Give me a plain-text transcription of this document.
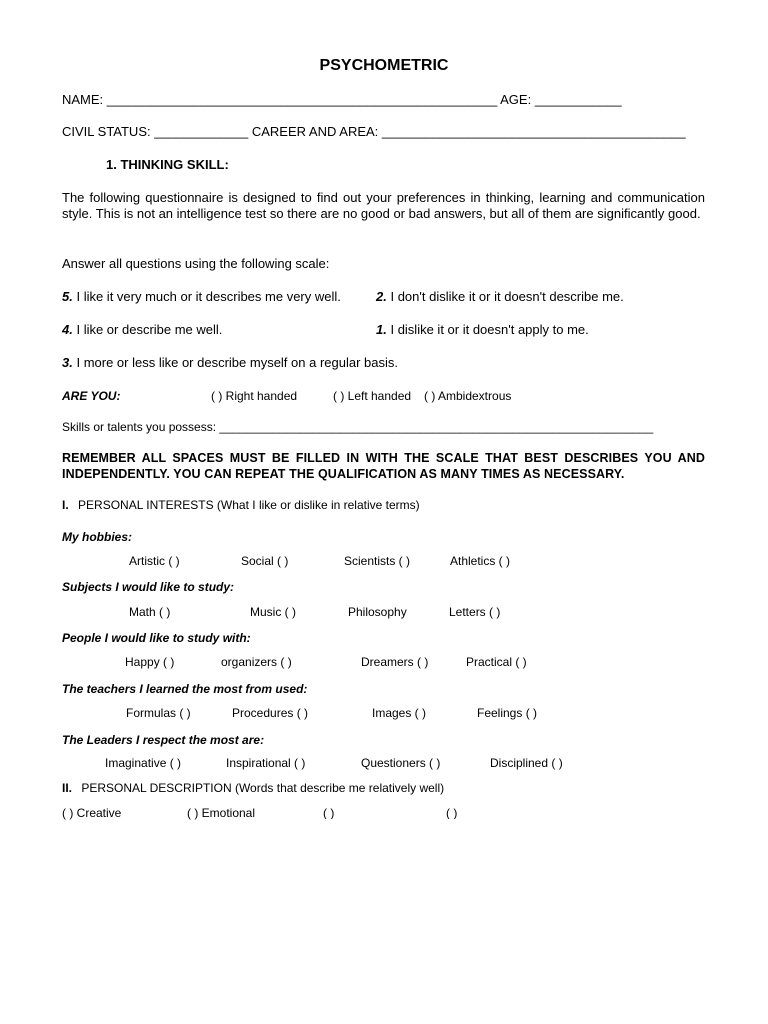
PSYCHOMETRIC
NAME: ______________________________________________________ AGE: ____________
CIVIL STATUS: _____________ CAREER AND AREA: __________________________________________
1. THINKING SKILL:
The following questionnaire is designed to find out your preferences in thinking, learning and communication style. This is not an intelligence test so there are no good or bad answers, but all of them are significantly good.
Answer all questions using the following scale:
5. I like it very much or it describes me very well.	2. I don't dislike it or it doesn't describe me.
4. I like or describe me well.	1. I dislike it or it doesn't apply to me.
3. I more or less like or describe myself on a regular basis.
ARE YOU:	( ) Right handed	( ) Left handed ( ) Ambidextrous
Skills or talents you possess: _________________________________________________________________
REMEMBER ALL SPACES MUST BE FILLED IN WITH THE SCALE THAT BEST DESCRIBES YOU AND INDEPENDENTLY. YOU CAN REPEAT THE QUALIFICATION AS MANY TIMES AS NECESSARY.
I. PERSONAL INTERESTS (What I like or dislike in relative terms)
My hobbies:
Artistic ( )	Social ( )	Scientists ( )	Athletics ( )
Subjects I would like to study:
Math ( )	Music ( )	Philosophy	Letters ( )
People I would like to study with:
Happy ( )	organizers ( )	Dreamers ( )	Practical ( )
The teachers I learned the most from used:
Formulas ( )	Procedures ( )	Images ( )	Feelings ( )
The Leaders I respect the most are:
Imaginative ( )	Inspirational ( )	Questioners ( )	Disciplined ( )
II. PERSONAL DESCRIPTION (Words that describe me relatively well)
( ) Creative	( ) Emotional	( )	( )
